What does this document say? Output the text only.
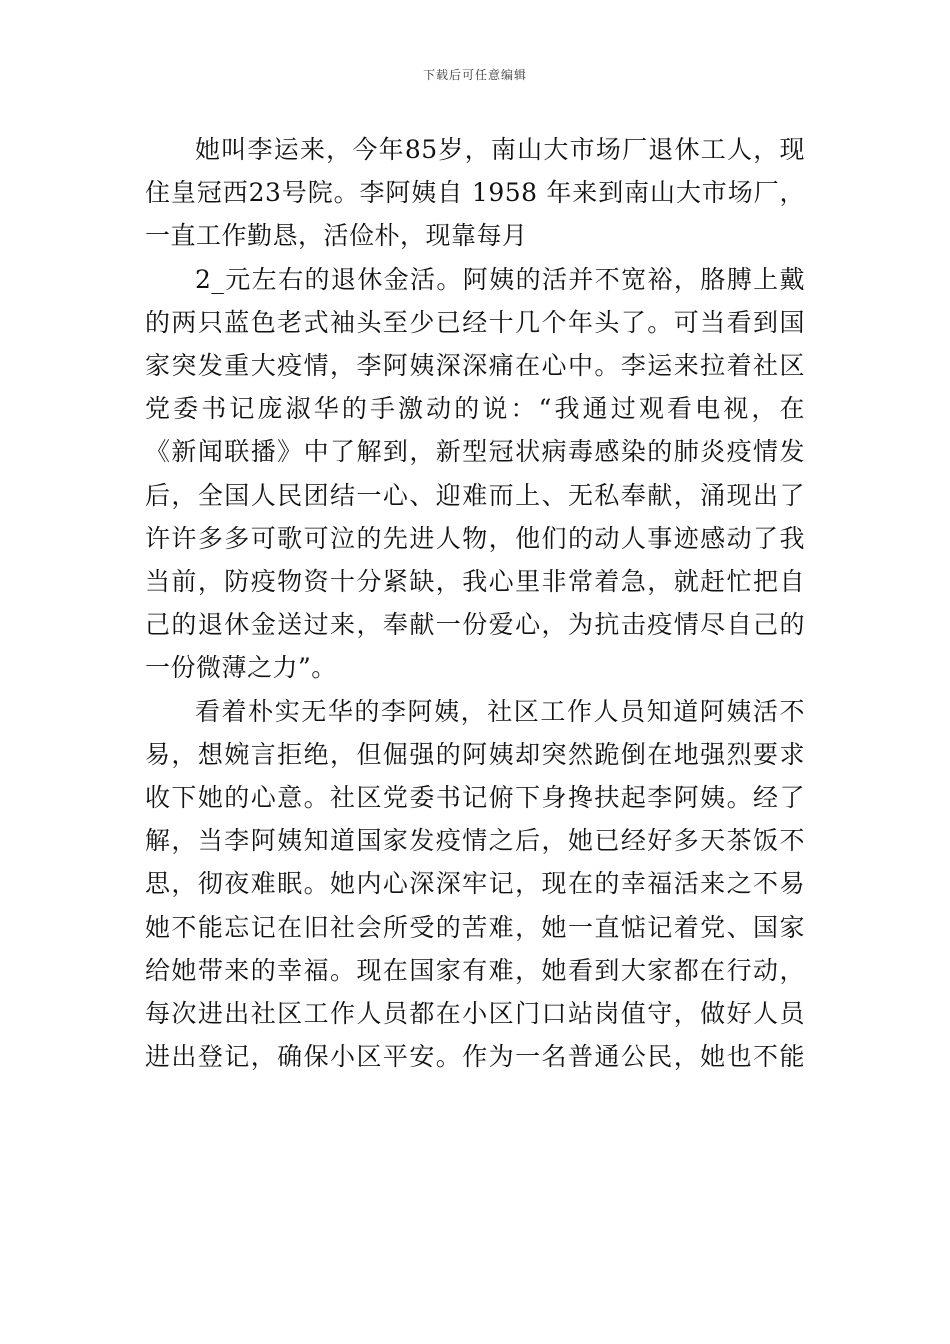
下载后可任意编辑

她叫李运来，今年85岁，南山大市场厂退休工人，现
住皇冠西23号院。李阿姨自 1958 年来到南山大市场厂，
一直工作勤恳，活俭朴，现靠每月

2_元左右的退休金活。阿姨的活并不宽裕，胳膊上戴
的两只蓝色老式袖头至少已经十几个年头了。可当看到国
家突发重大疫情，李阿姨深深痛在心中。李运来拉着社区
党委书记庞淑华的手激动的说：“我通过观看电视，在
《新闻联播》中了解到，新型冠状病毒感染的肺炎疫情发
后，全国人民团结一心、迎难而上、无私奉献，涌现出了
许许多多可歌可泣的先进人物，他们的动人事迹感动了我
当前，防疫物资十分紧缺，我心里非常着急，就赶忙把自
己的退休金送过来，奉献一份爱心，为抗击疫情尽自己的
一份微薄之力”。

看着朴实无华的李阿姨，社区工作人员知道阿姨活不
易，想婉言拒绝，但倔强的阿姨却突然跪倒在地强烈要求
收下她的心意。社区党委书记俯下身搀扶起李阿姨。经了
解，当李阿姨知道国家发疫情之后，她已经好多天茶饭不
思，彻夜难眠。她内心深深牢记，现在的幸福活来之不易
她不能忘记在旧社会所受的苦难，她一直惦记着党、国家
给她带来的幸福。现在国家有难，她看到大家都在行动，
每次进出社区工作人员都在小区门口站岗值守，做好人员
进出登记，确保小区平安。作为一名普通公民，她也不能
